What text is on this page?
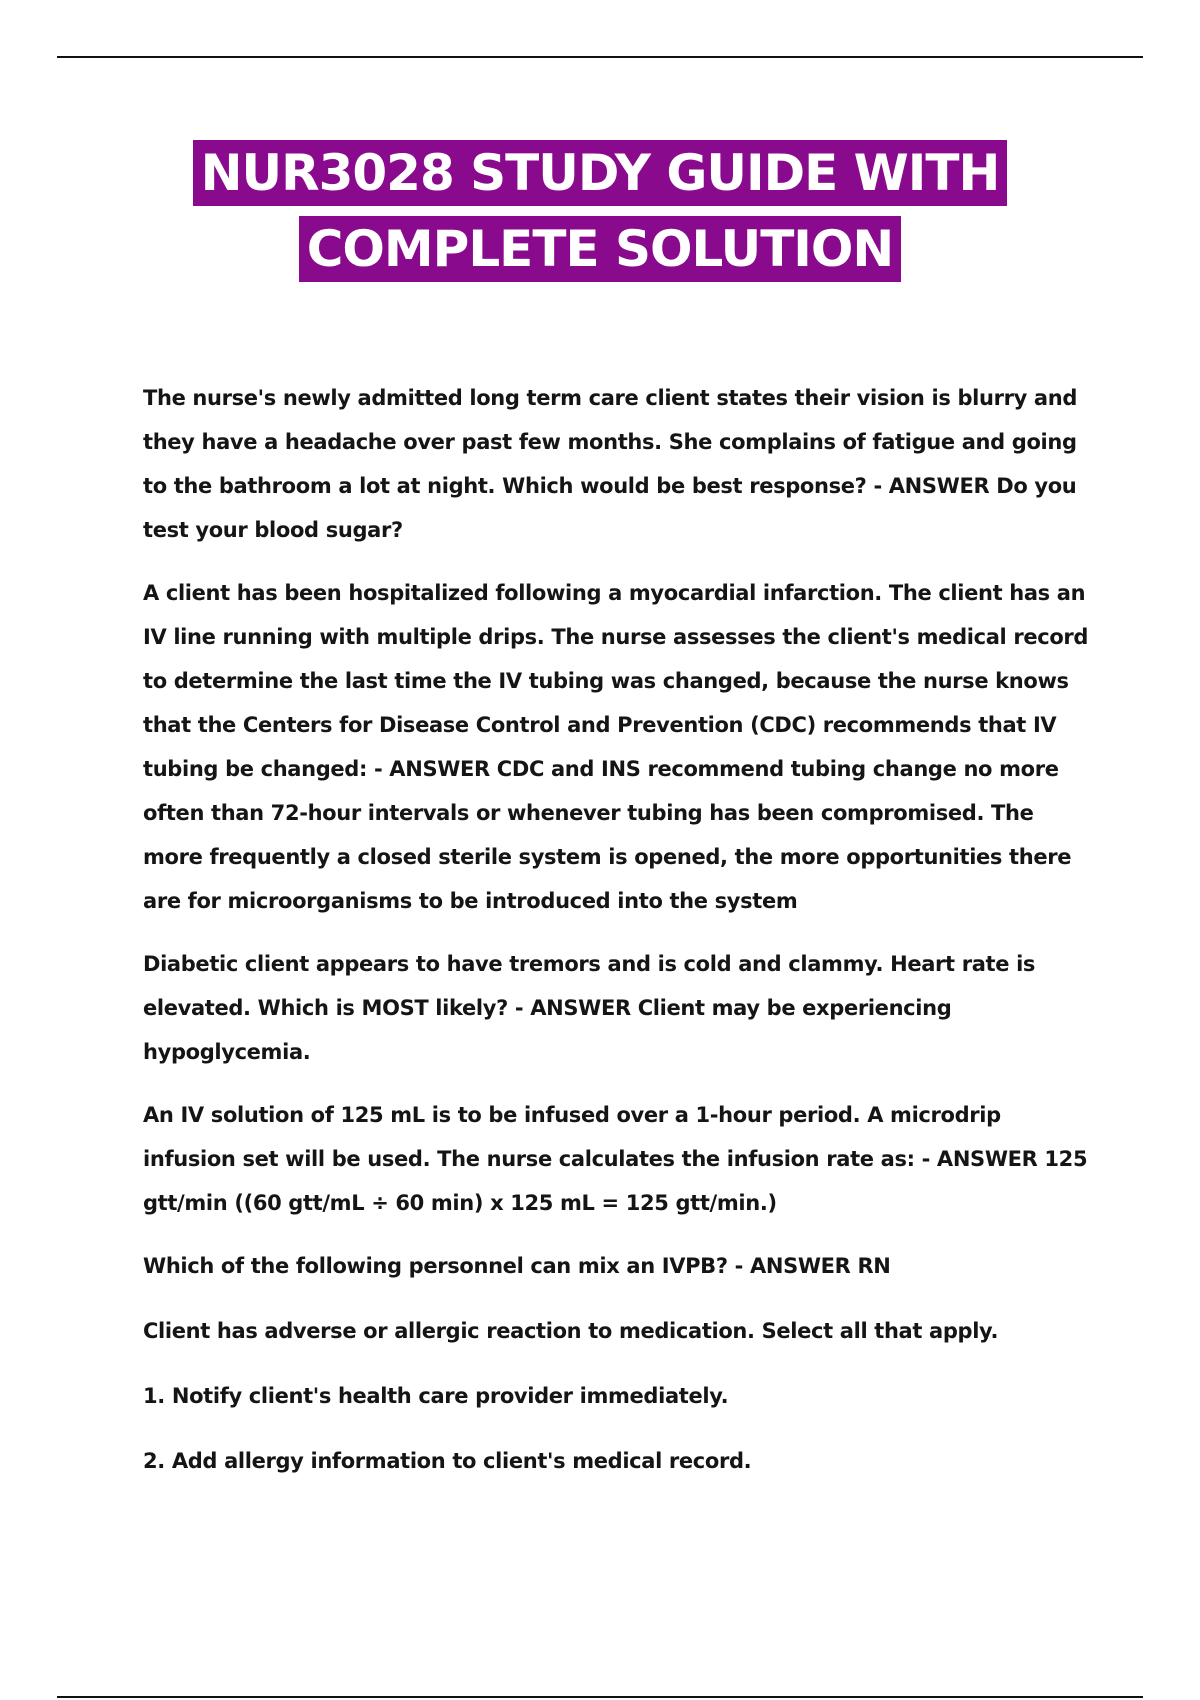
NUR3028 STUDY GUIDE WITH
COMPLETE SOLUTION

The nurse's newly admitted long term care client states their vision is blurry and they have a headache over past few months. She complains of fatigue and going to the bathroom a lot at night. Which would be best response? - ANSWER Do you test your blood sugar?

A client has been hospitalized following a myocardial infarction. The client has an IV line running with multiple drips. The nurse assesses the client's medical record to determine the last time the IV tubing was changed, because the nurse knows that the Centers for Disease Control and Prevention (CDC) recommends that IV tubing be changed: - ANSWER CDC and INS recommend tubing change no more often than 72-hour intervals or whenever tubing has been compromised. The more frequently a closed sterile system is opened, the more opportunities there are for microorganisms to be introduced into the system

Diabetic client appears to have tremors and is cold and clammy. Heart rate is elevated. Which is MOST likely? - ANSWER Client may be experiencing hypoglycemia.

An IV solution of 125 mL is to be infused over a 1-hour period. A microdrip infusion set will be used. The nurse calculates the infusion rate as: - ANSWER 125 gtt/min ((60 gtt/mL ÷ 60 min) x 125 mL = 125 gtt/min.)

Which of the following personnel can mix an IVPB? - ANSWER RN

Client has adverse or allergic reaction to medication. Select all that apply.

1. Notify client's health care provider immediately.

2. Add allergy information to client's medical record.
